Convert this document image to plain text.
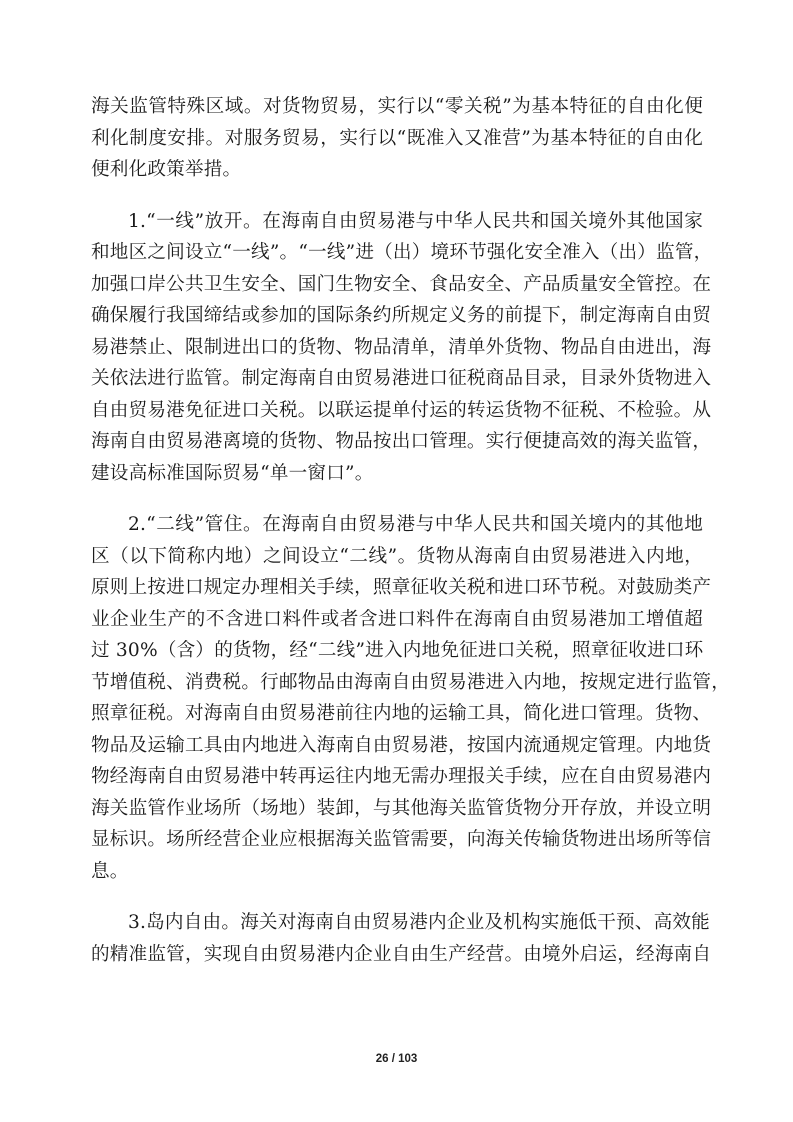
海关监管特殊区域。对货物贸易，实行以“零关税”为基本特征的自由化便
利化制度安排。对服务贸易，实行以“既准入又准营”为基本特征的自由化
便利化政策举措。

1.“一线”放开。在海南自由贸易港与中华人民共和国关境外其他国家
和地区之间设立“一线”。“一线”进（出）境环节强化安全准入（出）监管，
加强口岸公共卫生安全、国门生物安全、食品安全、产品质量安全管控。在
确保履行我国缔结或参加的国际条约所规定义务的前提下，制定海南自由贸
易港禁止、限制进出口的货物、物品清单，清单外货物、物品自由进出，海
关依法进行监管。制定海南自由贸易港进口征税商品目录，目录外货物进入
自由贸易港免征进口关税。以联运提单付运的转运货物不征税、不检验。从
海南自由贸易港离境的货物、物品按出口管理。实行便捷高效的海关监管，
建设高标准国际贸易“单一窗口”。

2.“二线”管住。在海南自由贸易港与中华人民共和国关境内的其他地
区（以下简称内地）之间设立“二线”。货物从海南自由贸易港进入内地，
原则上按进口规定办理相关手续，照章征收关税和进口环节税。对鼓励类产
业企业生产的不含进口料件或者含进口料件在海南自由贸易港加工增值超
过 30%（含）的货物，经“二线”进入内地免征进口关税，照章征收进口环
节增值税、消费税。行邮物品由海南自由贸易港进入内地，按规定进行监管，
照章征税。对海南自由贸易港前往内地的运输工具，简化进口管理。货物、
物品及运输工具由内地进入海南自由贸易港，按国内流通规定管理。内地货
物经海南自由贸易港中转再运往内地无需办理报关手续，应在自由贸易港内
海关监管作业场所（场地）装卸，与其他海关监管货物分开存放，并设立明
显标识。场所经营企业应根据海关监管需要，向海关传输货物进出场所等信
息。

3.岛内自由。海关对海南自由贸易港内企业及机构实施低干预、高效能
的精准监管，实现自由贸易港内企业自由生产经营。由境外启运，经海南自

26 / 103
